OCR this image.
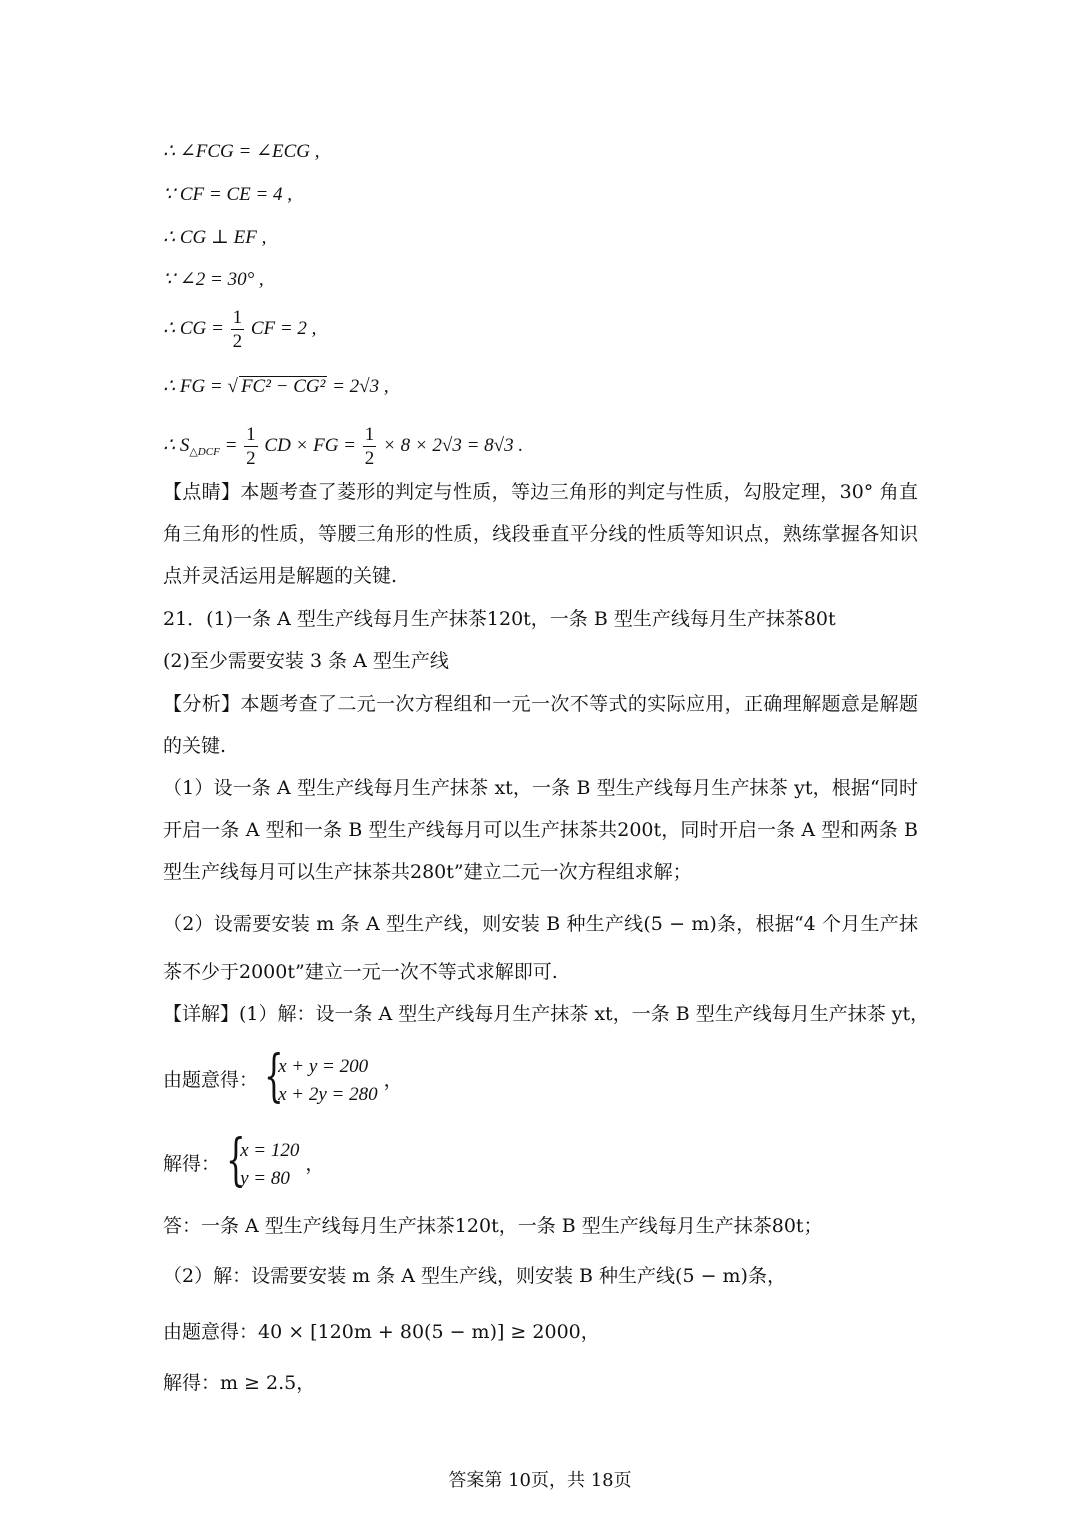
∴ ∠FCG = ∠ECG ,
∵ CF = CE = 4 ,
∴ CG ⊥ EF ,
∵ ∠2 = 30° ,
∴ CG = $\frac{1}{2}$ CF = 2 ,
∴ FG = √ FC² − CG² = 2√3 ,
∴ $S_{\triangle DCF} = \frac{1}{2}$ CD × FG = $\frac{1}{2} \times 8 \times 2√3 = 8√3$ .
【点睛】本题考查了菱形的判定与性质，等边三角形的判定与性质，勾股定理，30° 角直角三角形的性质，等腰三角形的性质，线段垂直平分线的性质等知识点，熟练掌握各知识点并灵活运用是解题的关键.
21．(1)一条 A 型生产线每月生产抹茶120t，一条 B 型生产线每月生产抹茶80t
(2)至少需要安装 3 条 A 型生产线
【分析】本题考查了二元一次方程组和一元一次不等式的实际应用，正确理解题意是解题的关键.
（1）设一条 A 型生产线每月生产抹茶 xt，一条 B 型生产线每月生产抹茶 yt，根据“同时开启一条 A 型和一条 B 型生产线每月可以生产抹茶共200t，同时开启一条 A 型和两条 B 型生产线每月可以生产抹茶共280t”建立二元一次方程组求解；
（2）设需要安装 m 条 A 型生产线，则安装 B 种生产线(5 − m)条，根据“4 个月生产抹茶不少于2000t”建立一元一次不等式求解即可.
【详解】(1）解：设一条 A 型生产线每月生产抹茶 xt，一条 B 型生产线每月生产抹茶 yt，
由题意得： {
x + y = 200
x + 2y = 280
，
解得： {
x = 120
y = 80
，
答：一条 A 型生产线每月生产抹茶120t，一条 B 型生产线每月生产抹茶80t；
（2）解：设需要安装 m 条 A 型生产线，则安装 B 种生产线(5 − m)条，
由题意得：40 × [120m + 80(5 − m)] ≥ 2000，
解得：m ≥ 2.5，
答案第 10页，共 18页
